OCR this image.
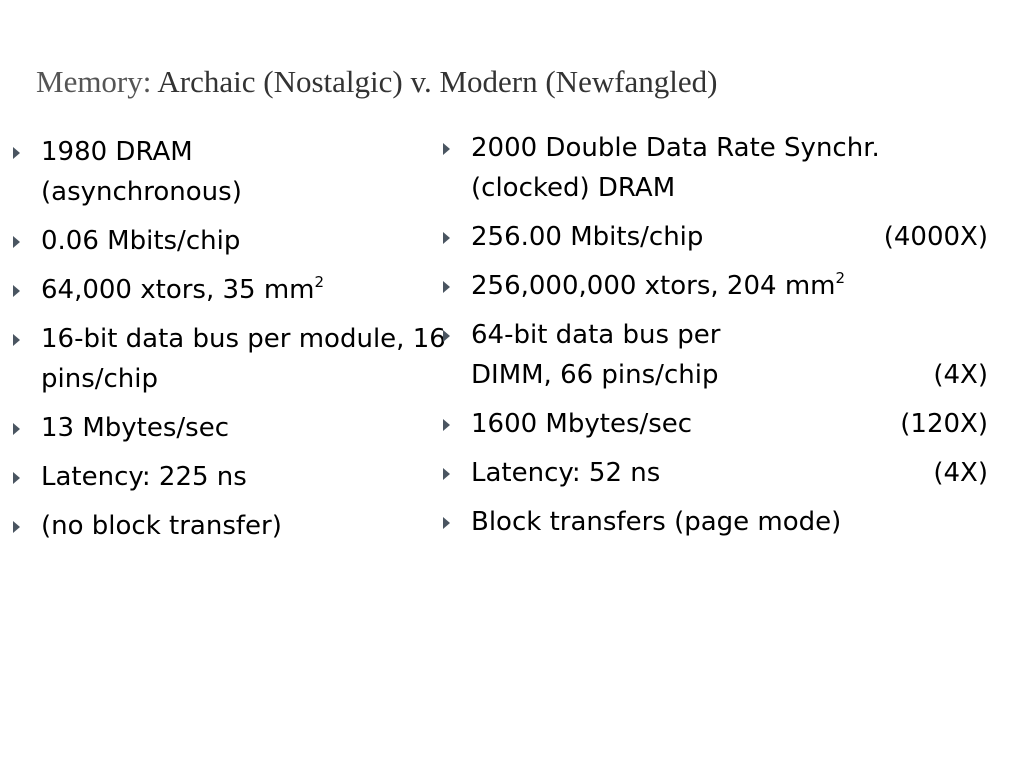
Memory: Archaic (Nostalgic) v. Modern (Newfangled)
1980 DRAM
(asynchronous)
0.06 Mbits/chip
64,000 xtors, 35 $mm^2$
16-bit data bus per module, 16
pins/chip
13 Mbytes/sec
Latency: 225 ns
(no block transfer)
2000 Double Data Rate Synchr.
(clocked) DRAM
256.00 Mbits/chip	(4000X)
256,000,000 xtors, 204 $mm^2$
64-bit data bus per
DIMM, 66 pins/chip	(4X)
1600 Mbytes/sec	(120X)
Latency: 52 ns	(4X)
Block transfers (page mode)
